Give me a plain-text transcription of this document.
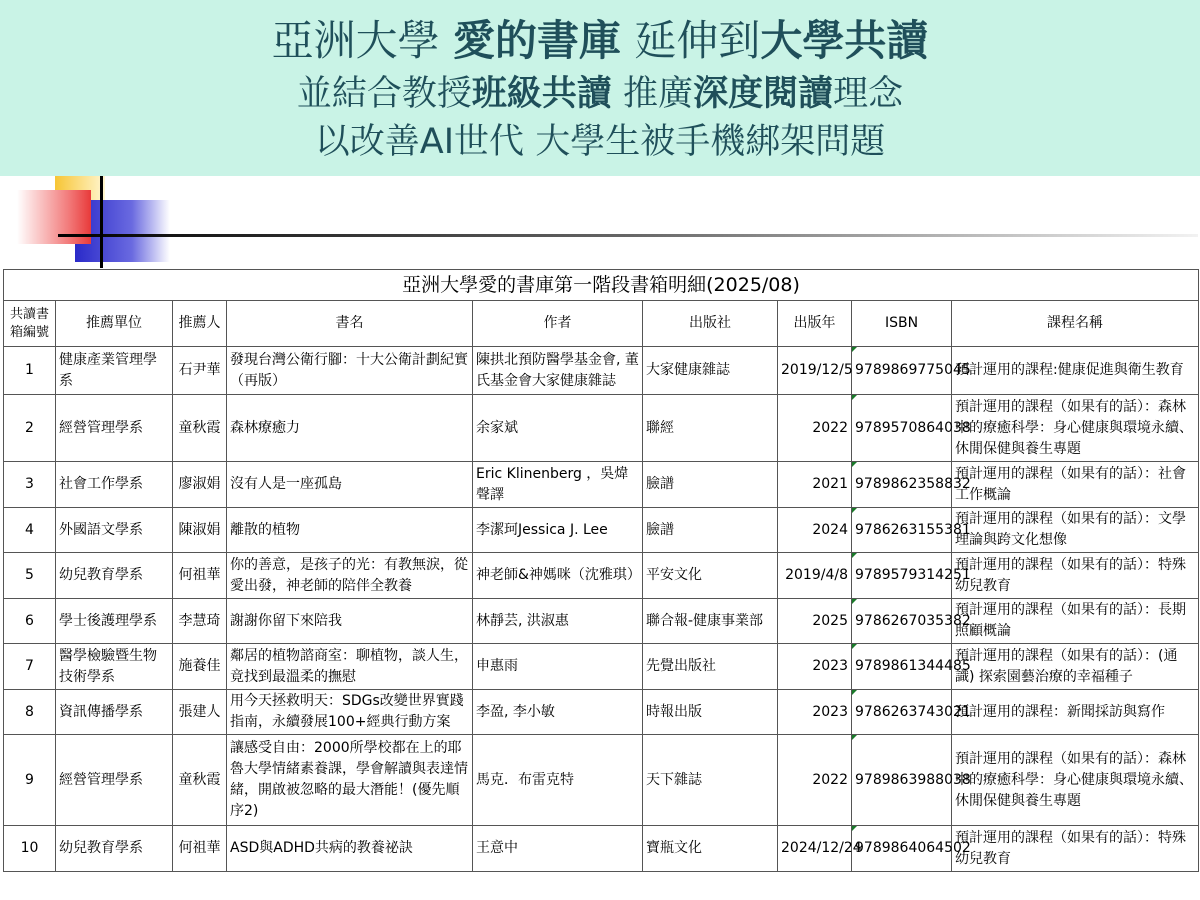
亞洲大學 愛的書庫 延伸到大學共讀
並結合教授班級共讀 推廣深度閱讀理念
以改善AI世代 大學生被手機綁架問題
亞洲大學愛的書庫第一階段書箱明細(2025/08)								
共讀書箱編號	推薦單位	推薦人	書名	作者	出版社	出版年	ISBN	課程名稱
1	健康產業管理學系	石尹華	發現台灣公衛行腳：十大公衛計劃紀實（再版）	陳拱北預防醫學基金會, 董氏基金會大家健康雜誌	大家健康雜誌	2019/12/5	9789869775045	預計運用的課程:健康促進與衛生教育
2	經營管理學系	童秋霞	森林療癒力	余家斌	聯經	2022	9789570864038	預計運用的課程（如果有的話）：森林中的療癒科學：身心健康與環境永續、休閒保健與養生專題
3	社會工作學系	廖淑娟	沒有人是一座孤島	Eric Klinenberg ，吳煒聲譯	臉譜	2021	9789862358832	預計運用的課程（如果有的話）：社會工作概論
4	外國語文學系	陳淑娟	離散的植物	李潔珂Jessica J. Lee	臉譜	2024	9786263155381	預計運用的課程（如果有的話）：文學理論與跨文化想像
5	幼兒教育學系	何祖華	你的善意，是孩子的光：有教無淚，從愛出發，神老師的陪伴全教養	神老師&神媽咪（沈雅琪）	平安文化	2019/4/8	9789579314251	預計運用的課程（如果有的話）：特殊幼兒教育
6	學士後護理學系	李慧琦	謝謝你留下來陪我	林靜芸, 洪淑惠	聯合報-健康事業部	2025	9786267035382	預計運用的課程（如果有的話）：長期照顧概論
7	醫學檢驗暨生物技術學系	施養佳	鄰居的植物諮商室：聊植物，談人生，竟找到最溫柔的撫慰	申惠雨	先覺出版社	2023	9789861344485	預計運用的課程（如果有的話）：(通識) 探索園藝治療的幸福種子
8	資訊傳播學系	張建人	用今天拯救明天：SDGs改變世界實踐指南，永續發展100+經典行動方案	李盈, 李小敏	時報出版	2023	9786263743021	預計運用的課程：新聞採訪與寫作
9	經營管理學系	童秋霞	讓感受自由：2000所學校都在上的耶魯大學情緒素養課，學會解讀與表達情緒，開啟被忽略的最大潛能！(優先順序2)	馬克．布雷克特	天下雜誌	2022	9789863988038	預計運用的課程（如果有的話）：森林中的療癒科學：身心健康與環境永續、休閒保健與養生專題
10	幼兒教育學系	何祖華	ASD與ADHD共病的教養祕訣	王意中	寶瓶文化	2024/12/24	9789864064502	預計運用的課程（如果有的話）：特殊幼兒教育
